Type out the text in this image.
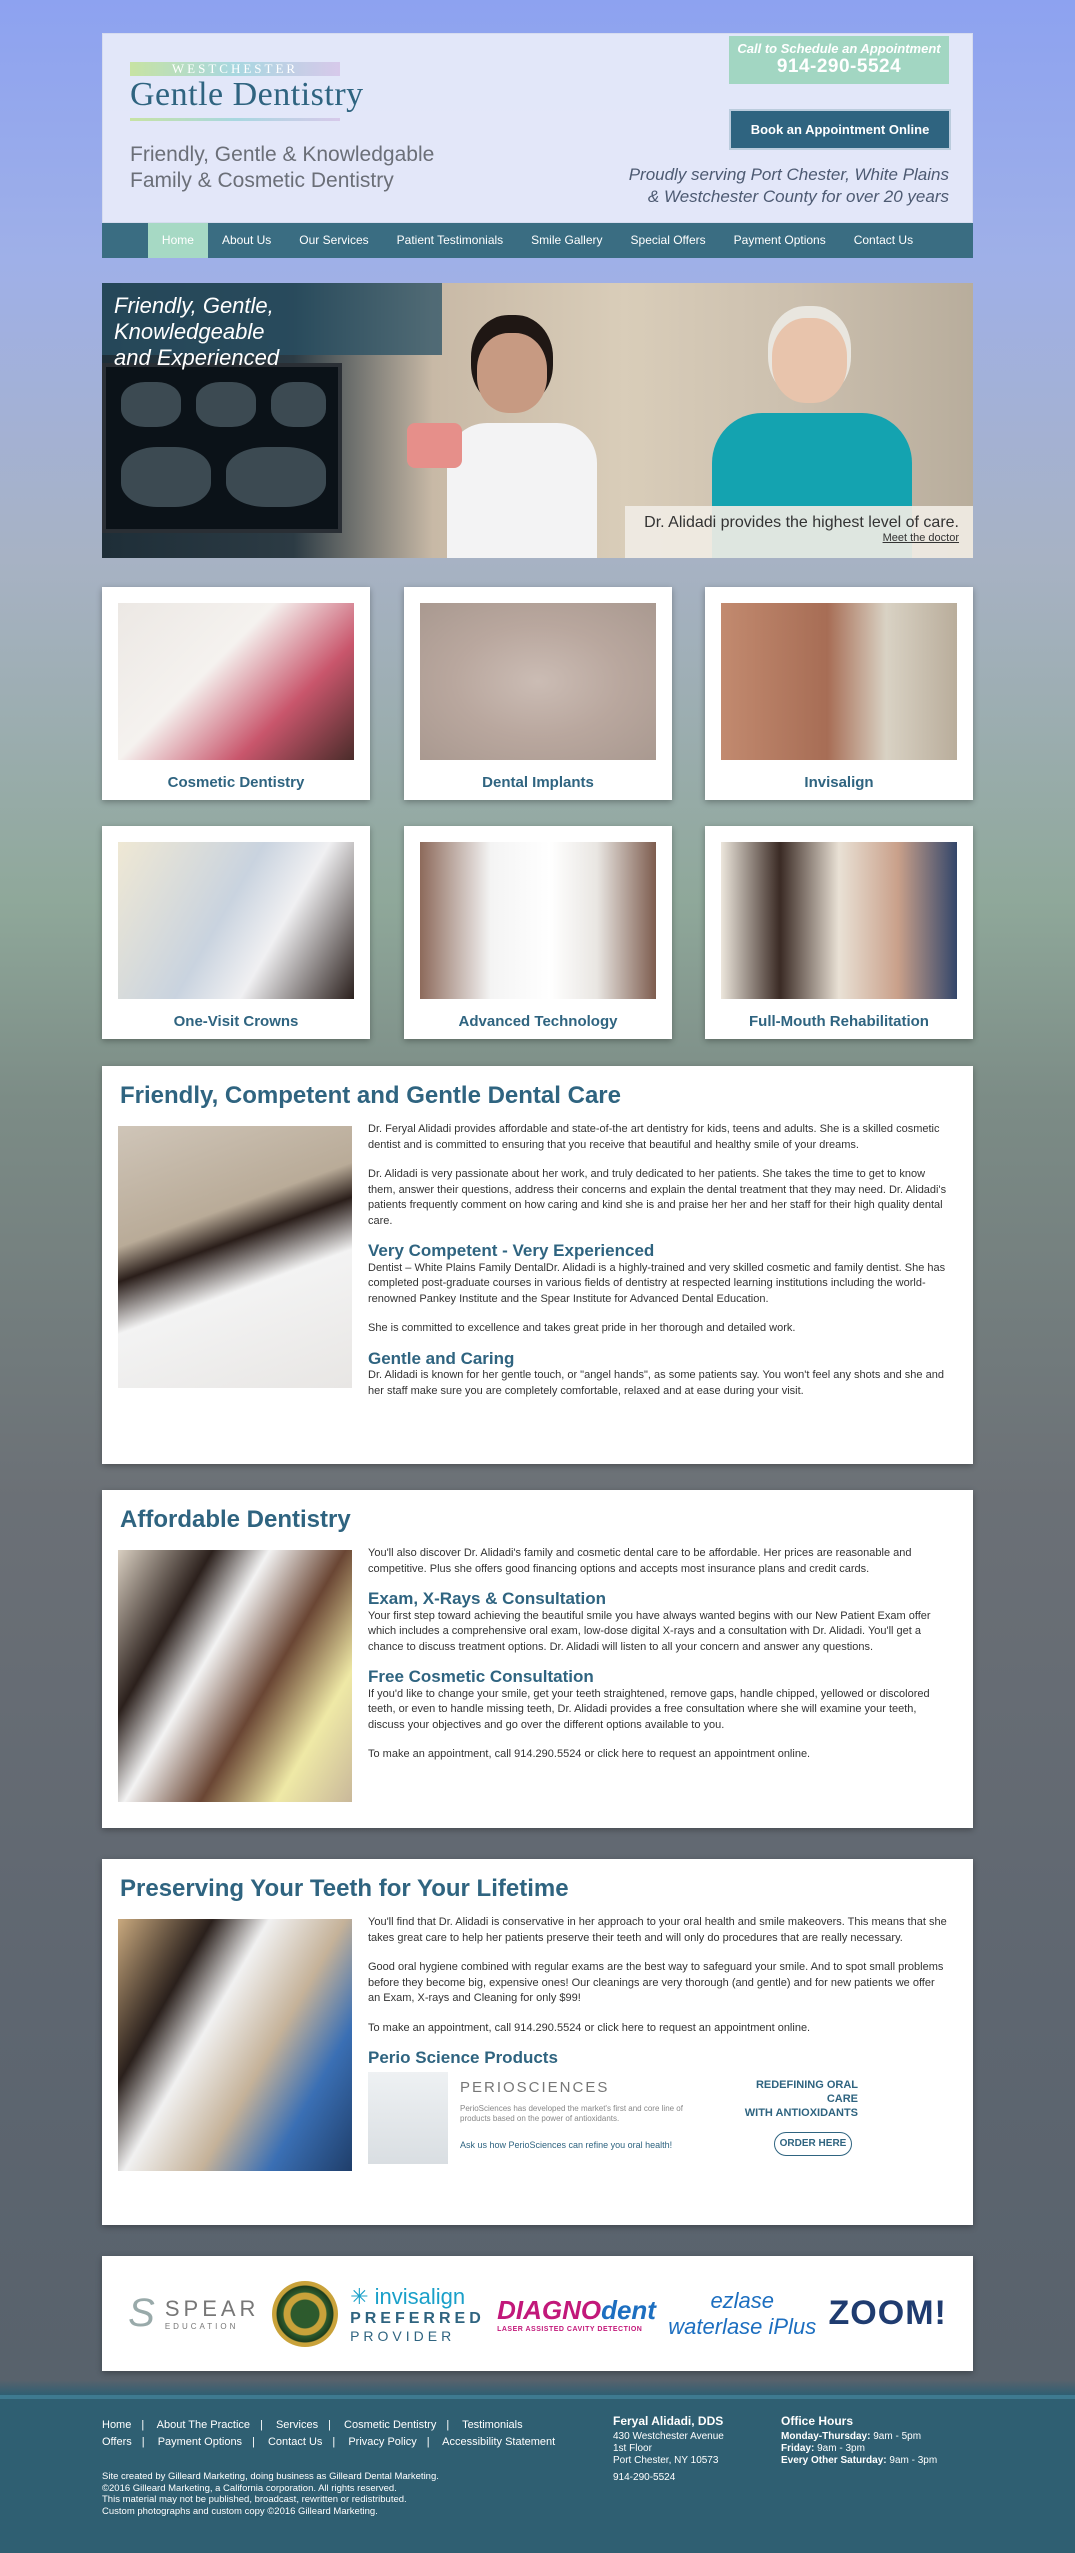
WESTCHESTER
Gentle Dentistry
Friendly, Gentle & Knowledgable
Family & Cosmetic Dentistry
Call to Schedule an Appointment
914-290-5524
Book an Appointment Online
Proudly serving Port Chester, White Plains
& Westchester County for over 20 years
Home	About Us	Our Services	Patient Testimonials	Smile Gallery	Special Offers	Payment Options	Contact Us
Friendly, Gentle, Knowledgeable
and Experienced
Dr. Alidadi provides the highest level of care.
Meet the doctor
Cosmetic Dentistry	Dental Implants	Invisalign
One-Visit Crowns	Advanced Technology	Full-Mouth Rehabilitation
Friendly, Competent and Gentle Dental Care

Dr. Feryal Alidadi provides affordable and state-of-the art dentistry for kids, teens and adults. She is a skilled cosmetic dentist and is committed to ensuring that you receive that beautiful and healthy smile of your dreams.

Dr. Alidadi is very passionate about her work, and truly dedicated to her patients. She takes the time to get to know them, answer their questions, address their concerns and explain the dental treatment that they may need. Dr. Alidadi's patients frequently comment on how caring and kind she is and praise her her and her staff for their high quality dental care.

Very Competent - Very Experienced

Dentist – White Plains Family DentalDr. Alidadi is a highly-trained and very skilled cosmetic and family dentist. She has completed post-graduate courses in various fields of dentistry at respected learning institutions including the world-renowned Pankey Institute and the Spear Institute for Advanced Dental Education.

She is committed to excellence and takes great pride in her thorough and detailed work.

Gentle and Caring

Dr. Alidadi is known for her gentle touch, or "angel hands", as some patients say. You won't feel any shots and she and her staff make sure you are completely comfortable, relaxed and at ease during your visit.

Affordable Dentistry

You'll also discover Dr. Alidadi's family and cosmetic dental care to be affordable. Her prices are reasonable and competitive. Plus she offers good financing options and accepts most insurance plans and credit cards.

Exam, X-Rays & Consultation

Your first step toward achieving the beautiful smile you have always wanted begins with our New Patient Exam offer which includes a comprehensive oral exam, low-dose digital X-rays and a consultation with Dr. Alidadi. You'll get a chance to discuss treatment options. Dr. Alidadi will listen to all your concern and answer any questions.

Free Cosmetic Consultation

If you'd like to change your smile, get your teeth straightened, remove gaps, handle chipped, yellowed or discolored teeth, or even to handle missing teeth, Dr. Alidadi provides a free consultation where she will examine your teeth, discuss your objectives and go over the different options available to you.

To make an appointment, call 914.290.5524 or click here to request an appointment online.

Preserving Your Teeth for Your Lifetime

You'll find that Dr. Alidadi is conservative in her approach to your oral health and smile makeovers. This means that she takes great care to help her patients preserve their teeth and will only do procedures that are really necessary.

Good oral hygiene combined with regular exams are the best way to safeguard your smile. And to spot small problems before they become big, expensive ones! Our cleanings are very thorough (and gentle) and for new patients we offer an Exam, X-rays and Cleaning for only $99!

To make an appointment, call 914.290.5524 or click here to request an appointment online.

Perio Science Products
PERIOSCIENCES
PerioSciences has developed the market's first and core line of products based on the power of antioxidants.
Ask us how PerioSciences can refine you oral health!
REDEFINING ORAL CARE
WITH ANTIOXIDANTS
ORDER HERE
S SPEAR
EDUCATION
✳ invisalign
PREFERRED
PROVIDER
DIAGNOdent
LASER ASSISTED CAVITY DETECTION
ezlase
waterlase iPlus ZOOM!
Home | About The Practice | Services | Cosmetic Dentistry | Testimonials
Offers | Payment Options | Contact Us | Privacy Policy | Accessibility Statement
Site created by Gilleard Marketing, doing business as Gilleard Dental Marketing.
©2016 Gilleard Marketing, a California corporation. All rights reserved.
This material may not be published, broadcast, rewritten or redistributed.
Custom photographs and custom copy ©2016 Gilleard Marketing.
Feryal Alidadi, DDS
430 Westchester Avenue
1st Floor
Port Chester, NY 10573
914-290-5524
Office Hours
Monday-Thursday: 9am - 5pm
Friday: 9am - 3pm
Every Other Saturday: 9am - 3pm
